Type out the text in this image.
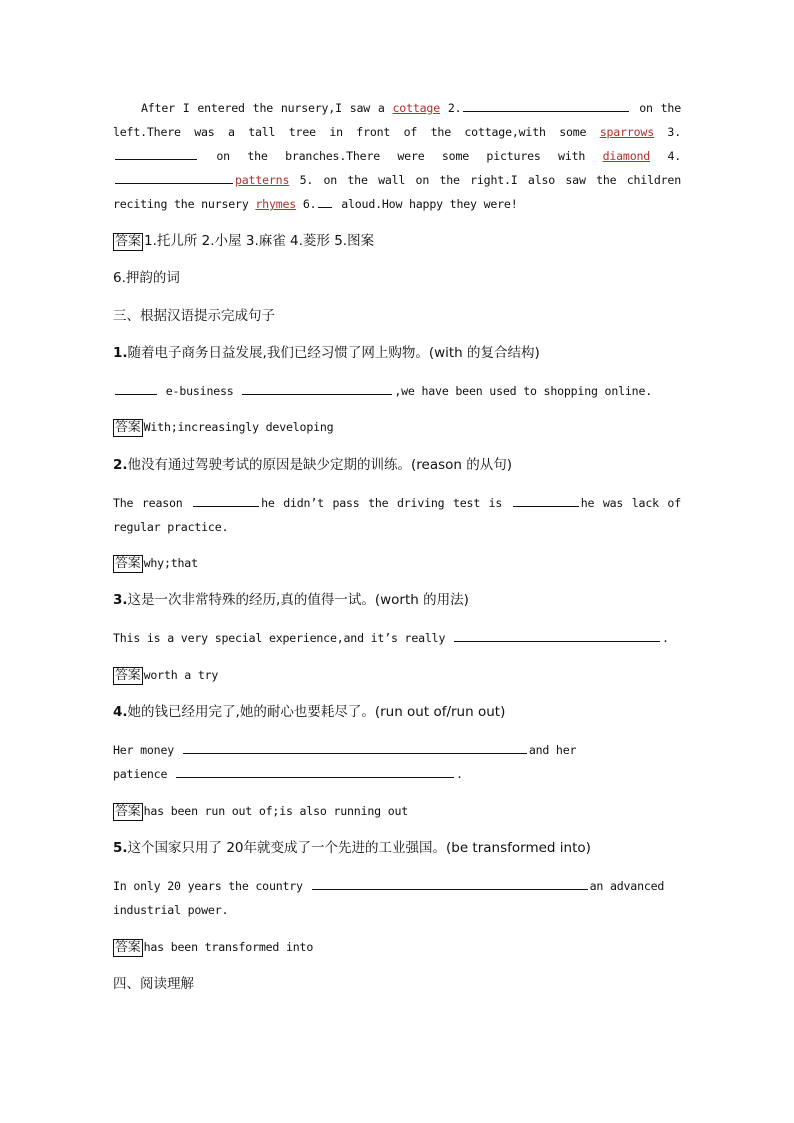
After I entered the nursery,I saw a cottage 2.	on the left.There was a tall tree in front of the cottage,with some sparrows 3. on the branches.There were some pictures with diamond 4.patterns 5. on the wall on the right.I also saw the children reciting the nursery rhymes 6. aloud.How happy they were!

答案 1.托儿所 2.小屋 3.麻雀 4.菱形 5.图案
6.押韵的词
三、根据汉语提示完成句子
1.随着电子商务日益发展,我们已经习惯了网上购物。(with 的复合结构)
e-business	,we have been used to shopping online.
答案 With;increasingly developing
2.他没有通过驾驶考试的原因是缺少定期的训练。(reason 的从句)

The reason	he didn’t pass the driving test is	he was lack of regular practice.

答案 why;that
3.这是一次非常特殊的经历,真的值得一试。(worth 的用法)
This is a very special experience,and it’s really	.
答案 worth a try
4.她的钱已经用完了,她的耐心也要耗尽了。(run out of/run out)
Her money	and her
patience	.
答案 has been run out of;is also running out
5.这个国家只用了 20年就变成了一个先进的工业强国。(be transformed into)
In only 20 years the country	an advanced
industrial power.
答案 has been transformed into
四、阅读理解
